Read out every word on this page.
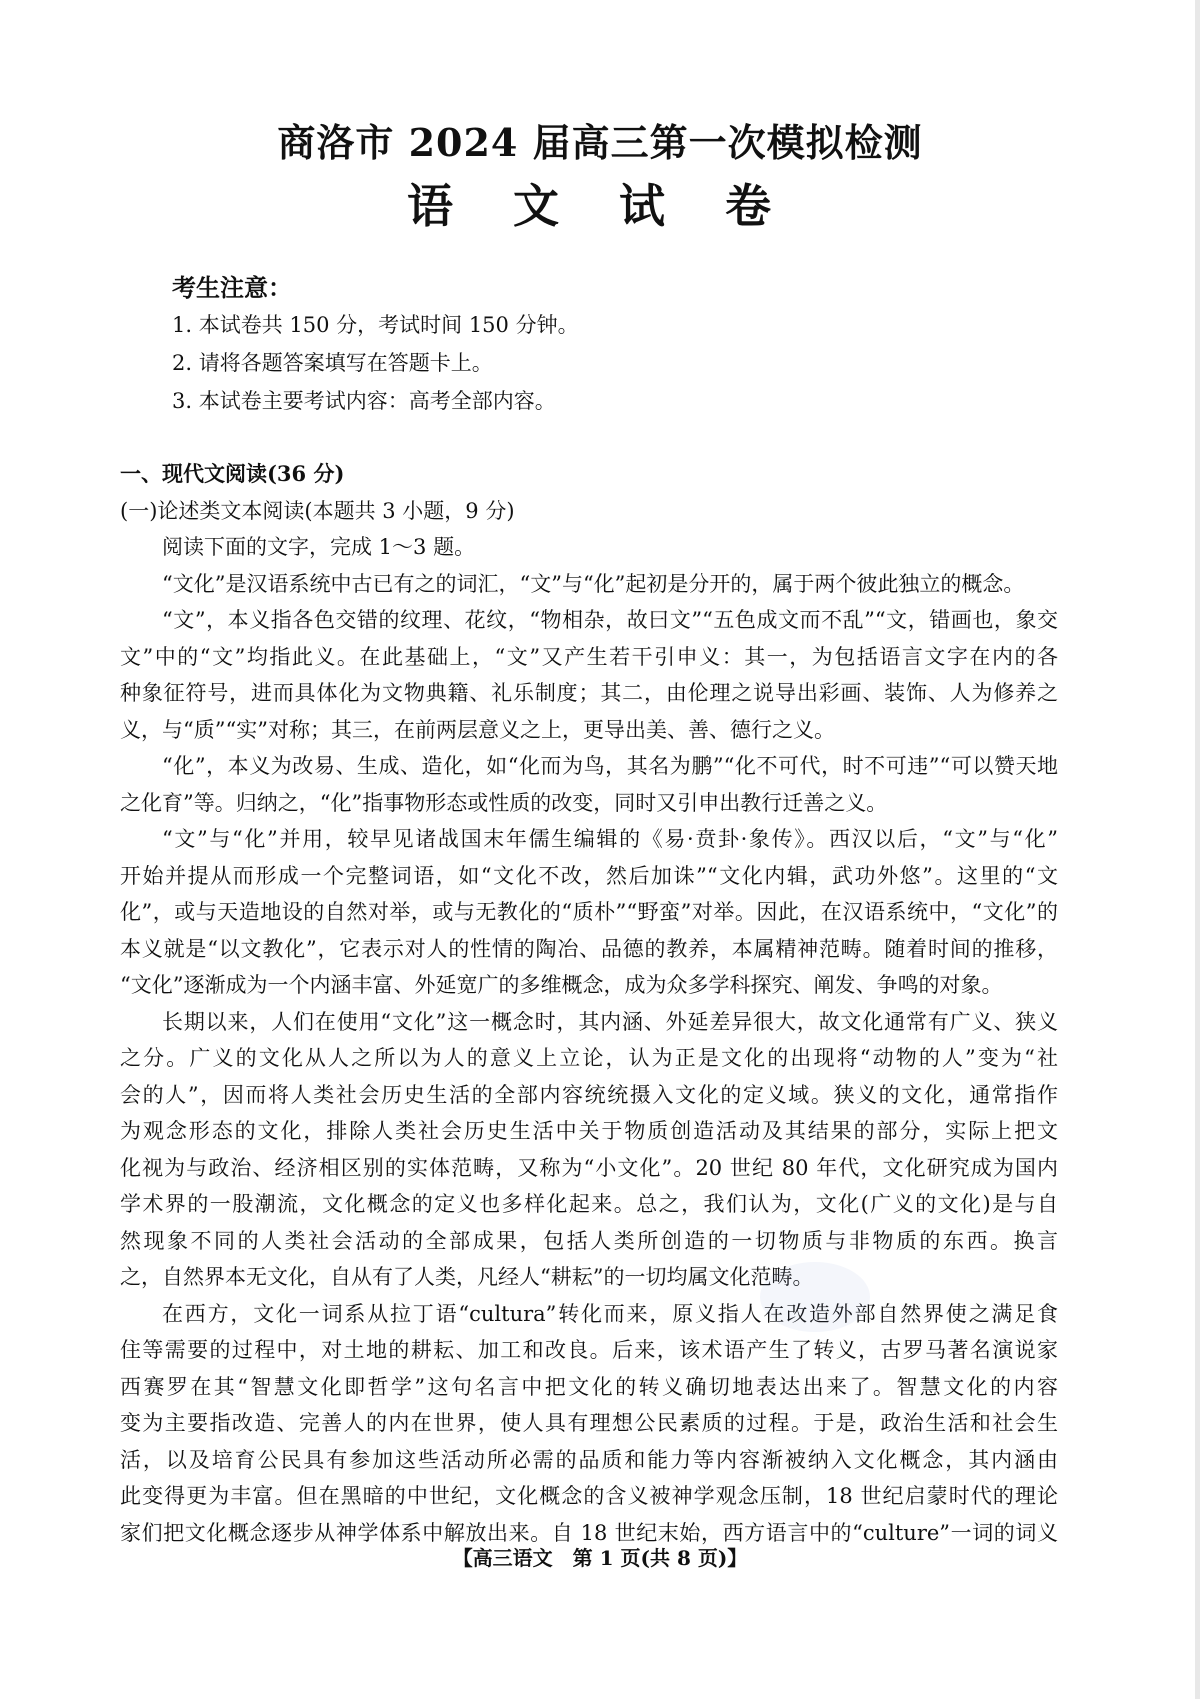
商洛市 2024 届高三第一次模拟检测
语 文 试 卷
考生注意：
1. 本试卷共 150 分，考试时间 150 分钟。
2. 请将各题答案填写在答题卡上。
3. 本试卷主要考试内容：高考全部内容。
一、现代文阅读(36 分)
(一)论述类文本阅读(本题共 3 小题，9 分)
阅读下面的文字，完成 1～3 题。
“文化”是汉语系统中古已有之的词汇，“文”与“化”起初是分开的，属于两个彼此独立的概念。
“文”，本义指各色交错的纹理、花纹，“物相杂，故曰文”“五色成文而不乱”“文，错画也，象交
文”中的“文”均指此义。在此基础上，“文”又产生若干引申义：其一，为包括语言文字在内的各
种象征符号，进而具体化为文物典籍、礼乐制度；其二，由伦理之说导出彩画、装饰、人为修养之
义，与“质”“实”对称；其三，在前两层意义之上，更导出美、善、德行之义。
“化”，本义为改易、生成、造化，如“化而为鸟，其名为鹏”“化不可代，时不可违”“可以赞天地
之化育”等。归纳之，“化”指事物形态或性质的改变，同时又引申出教行迁善之义。
“文”与“化”并用，较早见诸战国末年儒生编辑的《易·贲卦·象传》。西汉以后，“文”与“化”
开始并提从而形成一个完整词语，如“文化不改，然后加诛”“文化内辑，武功外悠”。这里的“文
化”，或与天造地设的自然对举，或与无教化的“质朴”“野蛮”对举。因此，在汉语系统中，“文化”的
本义就是“以文教化”，它表示对人的性情的陶冶、品德的教养，本属精神范畴。随着时间的推移，
“文化”逐渐成为一个内涵丰富、外延宽广的多维概念，成为众多学科探究、阐发、争鸣的对象。
长期以来，人们在使用“文化”这一概念时，其内涵、外延差异很大，故文化通常有广义、狭义
之分。广义的文化从人之所以为人的意义上立论，认为正是文化的出现将“动物的人”变为“社
会的人”，因而将人类社会历史生活的全部内容统统摄入文化的定义域。狭义的文化，通常指作
为观念形态的文化，排除人类社会历史生活中关于物质创造活动及其结果的部分，实际上把文
化视为与政治、经济相区别的实体范畴，又称为“小文化”。20 世纪 80 年代，文化研究成为国内
学术界的一股潮流，文化概念的定义也多样化起来。总之，我们认为，文化(广义的文化)是与自
然现象不同的人类社会活动的全部成果，包括人类所创造的一切物质与非物质的东西。换言
之，自然界本无文化，自从有了人类，凡经人“耕耘”的一切均属文化范畴。
在西方，文化一词系从拉丁语“cultura”转化而来，原义指人在改造外部自然界使之满足食
住等需要的过程中，对土地的耕耘、加工和改良。后来，该术语产生了转义，古罗马著名演说家
西赛罗在其“智慧文化即哲学”这句名言中把文化的转义确切地表达出来了。智慧文化的内容
变为主要指改造、完善人的内在世界，使人具有理想公民素质的过程。于是，政治生活和社会生
活，以及培育公民具有参加这些活动所必需的品质和能力等内容渐被纳入文化概念，其内涵由
此变得更为丰富。但在黑暗的中世纪，文化概念的含义被神学观念压制，18 世纪启蒙时代的理论
家们把文化概念逐步从神学体系中解放出来。自 18 世纪末始，西方语言中的“culture”一词的词义
【高三语文　第 1 页(共 8 页)】
